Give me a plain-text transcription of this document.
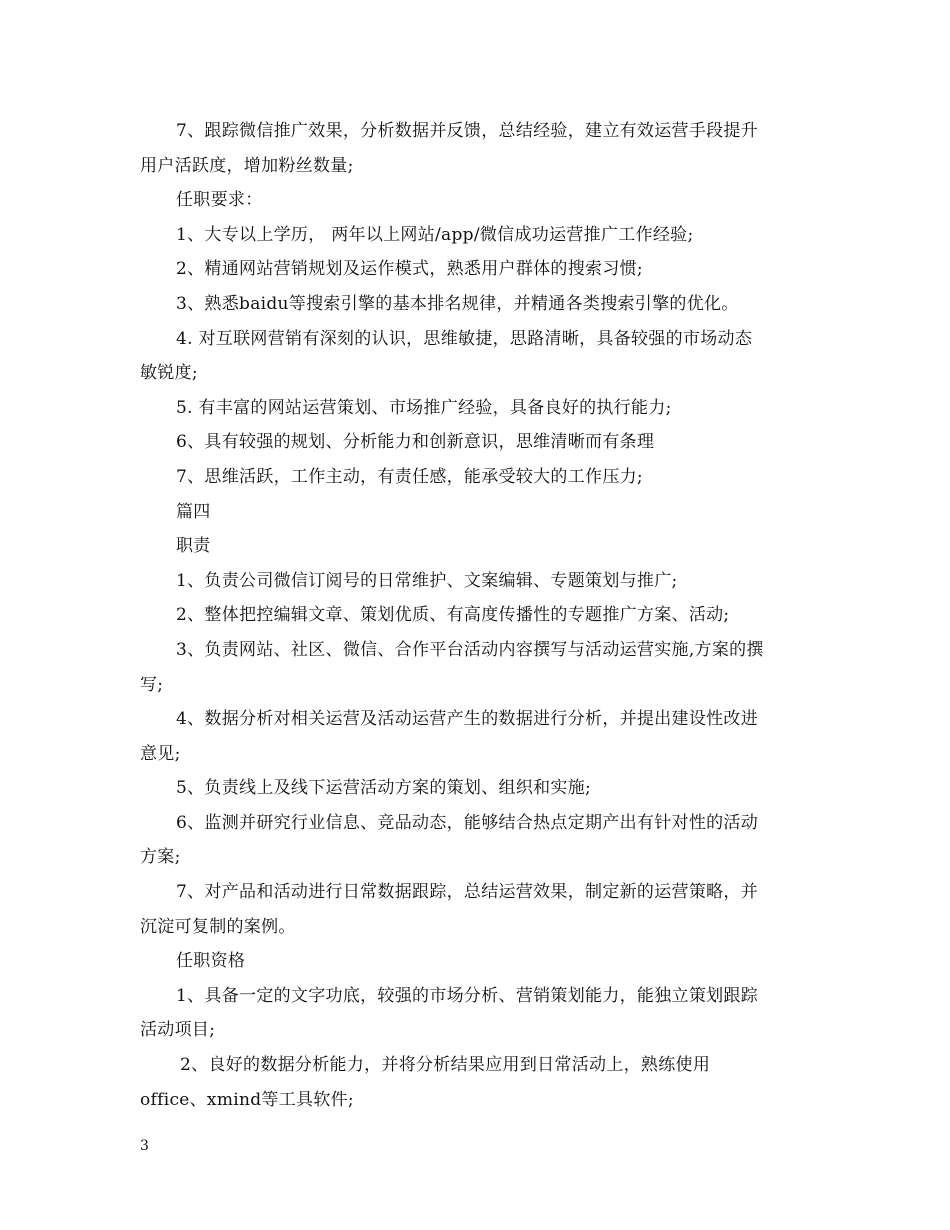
7、跟踪微信推广效果，分析数据并反馈，总结经验，建立有效运营手段提升
用户活跃度，增加粉丝数量;
任职要求：
1、大专以上学历， 两年以上网站/app/微信成功运营推广工作经验;
2、精通网站营销规划及运作模式，熟悉用户群体的搜索习惯;
3、熟悉baidu等搜索引擎的基本排名规律，并精通各类搜索引擎的优化。
4. 对互联网营销有深刻的认识，思维敏捷，思路清晰，具备较强的市场动态
敏锐度;
5. 有丰富的网站运营策划、市场推广经验，具备良好的执行能力;
6、具有较强的规划、分析能力和创新意识，思维清晰而有条理
7、思维活跃，工作主动，有责任感，能承受较大的工作压力;
篇四
职责
1、负责公司微信订阅号的日常维护、文案编辑、专题策划与推广;
2、整体把控编辑文章、策划优质、有高度传播性的专题推广方案、活动;
3、负责网站、社区、微信、合作平台活动内容撰写与活动运营实施,方案的撰
写;
4、数据分析对相关运营及活动运营产生的数据进行分析，并提出建设性改进
意见;
5、负责线上及线下运营活动方案的策划、组织和实施;
6、监测并研究行业信息、竞品动态，能够结合热点定期产出有针对性的活动
方案;
7、对产品和活动进行日常数据跟踪，总结运营效果，制定新的运营策略，并
沉淀可复制的案例。
任职资格
1、具备一定的文字功底，较强的市场分析、营销策划能力，能独立策划跟踪
活动项目;
2、良好的数据分析能力，并将分析结果应用到日常活动上，熟练使用
office、xmind等工具软件;
3
